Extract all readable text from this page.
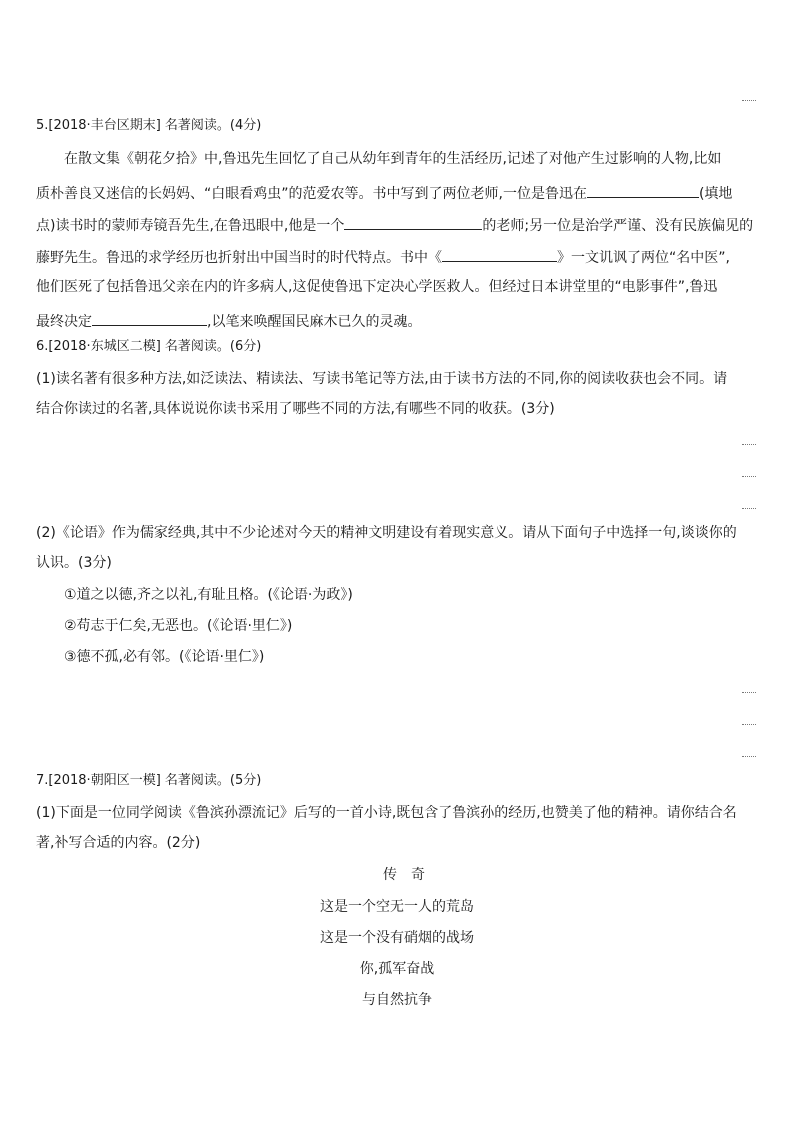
5.[2018·丰台区期末] 名著阅读。(4分)
在散文集《朝花夕拾》中,鲁迅先生回忆了自己从幼年到青年的生活经历,记述了对他产生过影响的人物,比如
质朴善良又迷信的长妈妈、“白眼看鸡虫”的范爱农等。书中写到了两位老师,一位是鲁迅在	(填地
点)读书时的蒙师寿镜吾先生,在鲁迅眼中,他是一个	的老师;另一位是治学严谨、没有民族偏见的
藤野先生。鲁迅的求学经历也折射出中国当时的时代特点。书中《	》一文讥讽了两位“名中医”,
他们医死了包括鲁迅父亲在内的许多病人,这促使鲁迅下定决心学医救人。但经过日本讲堂里的“电影事件”,鲁迅
最终决定	,以笔来唤醒国民麻木已久的灵魂。
6.[2018·东城区二模] 名著阅读。(6分)
(1)读名著有很多种方法,如泛读法、精读法、写读书笔记等方法,由于读书方法的不同,你的阅读收获也会不同。请
结合你读过的名著,具体说说你读书采用了哪些不同的方法,有哪些不同的收获。(3分)
(2)《论语》作为儒家经典,其中不少论述对今天的精神文明建设有着现实意义。请从下面句子中选择一句,谈谈你的
认识。(3分)
①道之以德,齐之以礼,有耻且格。(《论语·为政》)
②苟志于仁矣,无恶也。(《论语·里仁》)
③德不孤,必有邻。(《论语·里仁》)
7.[2018·朝阳区一模] 名著阅读。(5分)
(1)下面是一位同学阅读《鲁滨孙漂流记》后写的一首小诗,既包含了鲁滨孙的经历,也赞美了他的精神。请你结合名
著,补写合适的内容。(2分)
传奇
这是一个空无一人的荒岛
这是一个没有硝烟的战场
你,孤军奋战
与自然抗争
